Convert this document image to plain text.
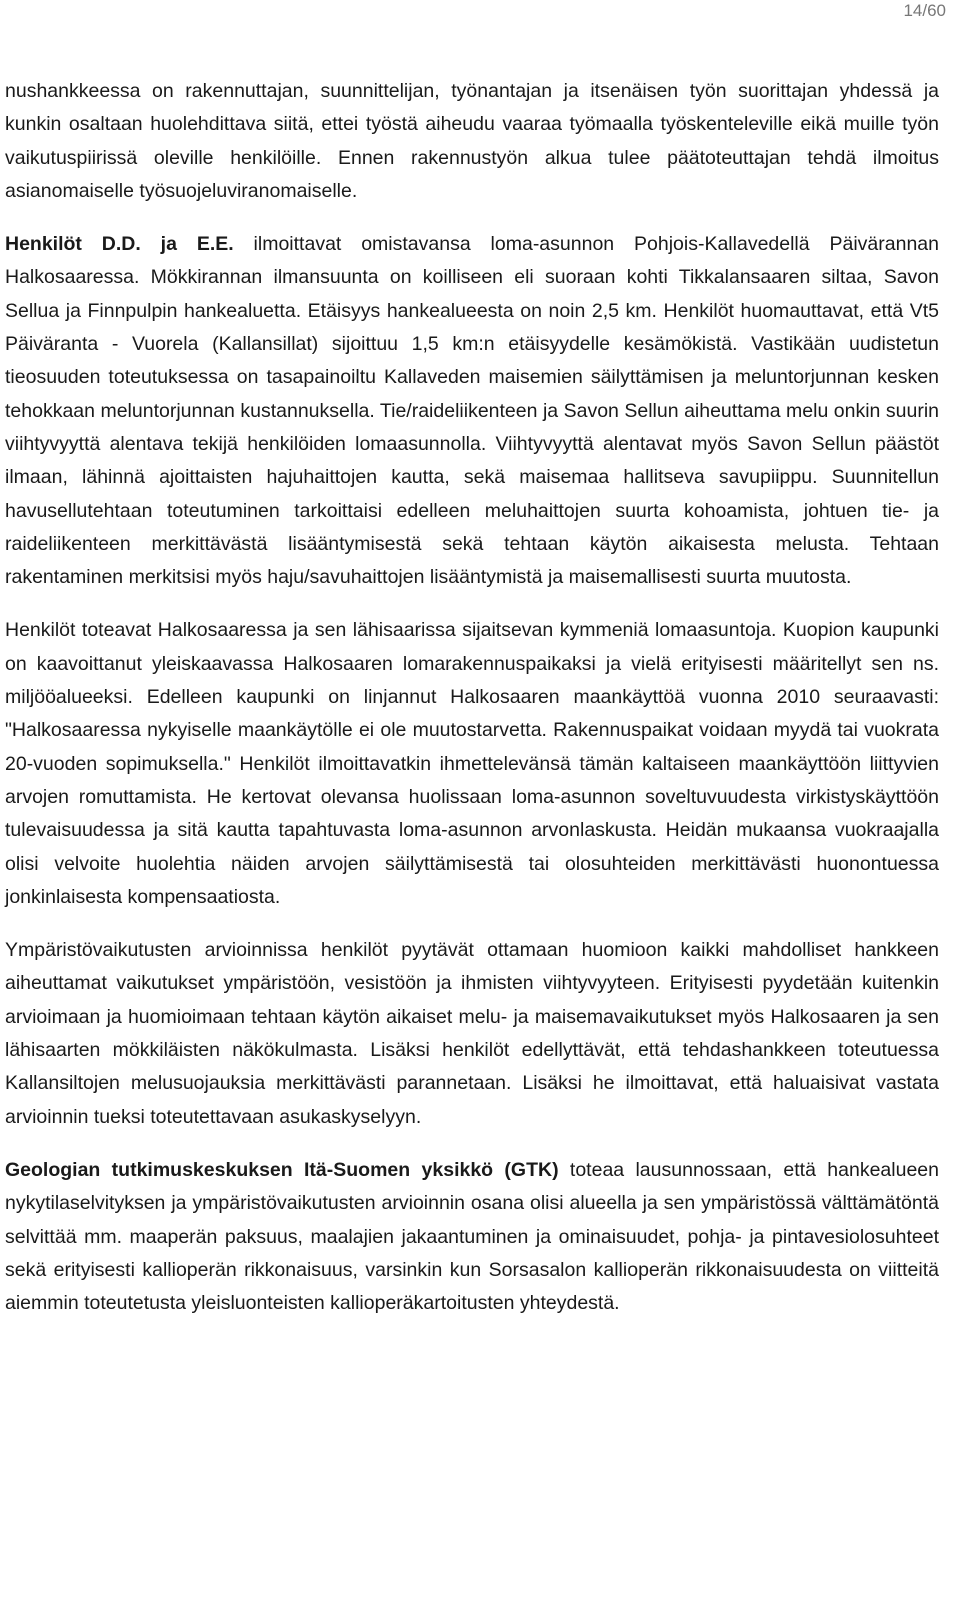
14/60

nushankkeessa on rakennuttajan, suunnittelijan, työnantajan ja itsenäisen työn suorittajan yhdessä ja kunkin osaltaan huolehdittava siitä, ettei työstä aiheudu vaaraa työmaalla työskenteleville eikä muille työn vaikutuspiirissä oleville henkilöille. Ennen rakennustyön alkua tulee päätoteuttajan tehdä ilmoitus asianomaiselle työsuojeluviranomaiselle.

Henkilöt D.D. ja E.E. ilmoittavat omistavansa loma-asunnon Pohjois-Kallavedellä Päivärannan Halkosaaressa. Mökkirannan ilmansuunta on koilliseen eli suoraan kohti Tikkalansaaren siltaa, Savon Sellua ja Finnpulpin hankealuetta. Etäisyys hankealueesta on noin 2,5 km. Henkilöt huomauttavat, että Vt5 Päiväranta - Vuorela (Kallansillat) sijoittuu 1,5 km:n etäisyydelle kesämökistä. Vastikään uudistetun tieosuuden toteutuksessa on tasapainoiltu Kallaveden maisemien säilyttämisen ja meluntorjunnan kesken tehokkaan meluntorjunnan kustannuksella. Tie/raideliikenteen ja Savon Sellun aiheuttama melu onkin suurin viihtyvyyttä alentava tekijä henkilöiden lomaasunnolla. Viihtyvyyttä alentavat myös Savon Sellun päästöt ilmaan, lähinnä ajoittaisten hajuhaittojen kautta, sekä maisemaa hallitseva savupiippu. Suunnitellun havusellutehtaan toteutuminen tarkoittaisi edelleen meluhaittojen suurta kohoamista, johtuen tie- ja raideliikenteen merkittävästä lisääntymisestä sekä tehtaan käytön aikaisesta melusta. Tehtaan rakentaminen merkitsisi myös haju/savuhaittojen lisääntymistä ja maisemallisesti suurta muutosta.

Henkilöt toteavat Halkosaaressa ja sen lähisaarissa sijaitsevan kymmeniä lomaasuntoja. Kuopion kaupunki on kaavoittanut yleiskaavassa Halkosaaren lomarakennuspaikaksi ja vielä erityisesti määritellyt sen ns. miljööalueeksi. Edelleen kaupunki on linjannut Halkosaaren maankäyttöä vuonna 2010 seuraavasti: "Halkosaaressa nykyiselle maankäytölle ei ole muutostarvetta. Rakennuspaikat voidaan myydä tai vuokrata 20-vuoden sopimuksella." Henkilöt ilmoittavatkin ihmettelevänsä tämän kaltaiseen maankäyttöön liittyvien arvojen romuttamista. He kertovat olevansa huolissaan loma-asunnon soveltuvuudesta virkistyskäyttöön tulevaisuudessa ja sitä kautta tapahtuvasta loma-asunnon arvonlaskusta. Heidän mukaansa vuokraajalla olisi velvoite huolehtia näiden arvojen säilyttämisestä tai olosuhteiden merkittävästi huonontuessa jonkinlaisesta kompensaatiosta.

Ympäristövaikutusten arvioinnissa henkilöt pyytävät ottamaan huomioon kaikki mahdolliset hankkeen aiheuttamat vaikutukset ympäristöön, vesistöön ja ihmisten viihtyvyyteen. Erityisesti pyydetään kuitenkin arvioimaan ja huomioimaan tehtaan käytön aikaiset melu- ja maisemavaikutukset myös Halkosaaren ja sen lähisaarten mökkiläisten näkökulmasta. Lisäksi henkilöt edellyttävät, että tehdashankkeen toteutuessa Kallansiltojen melusuojauksia merkittävästi parannetaan. Lisäksi he ilmoittavat, että haluaisivat vastata arvioinnin tueksi toteutettavaan asukaskyselyyn.

Geologian tutkimuskeskuksen Itä-Suomen yksikkö (GTK) toteaa lausunnossaan, että hankealueen nykytilaselvityksen ja ympäristövaikutusten arvioinnin osana olisi alueella ja sen ympäristössä välttämätöntä selvittää mm. maaperän paksuus, maalajien jakaantuminen ja ominaisuudet, pohja- ja pintavesiolosuhteet sekä erityisesti kallioperän rikkonaisuus, varsinkin kun Sorsasalon kallioperän rikkonaisuudesta on viitteitä aiemmin toteutetusta yleisluonteisten kallioperäkartoitusten yhteydestä.
